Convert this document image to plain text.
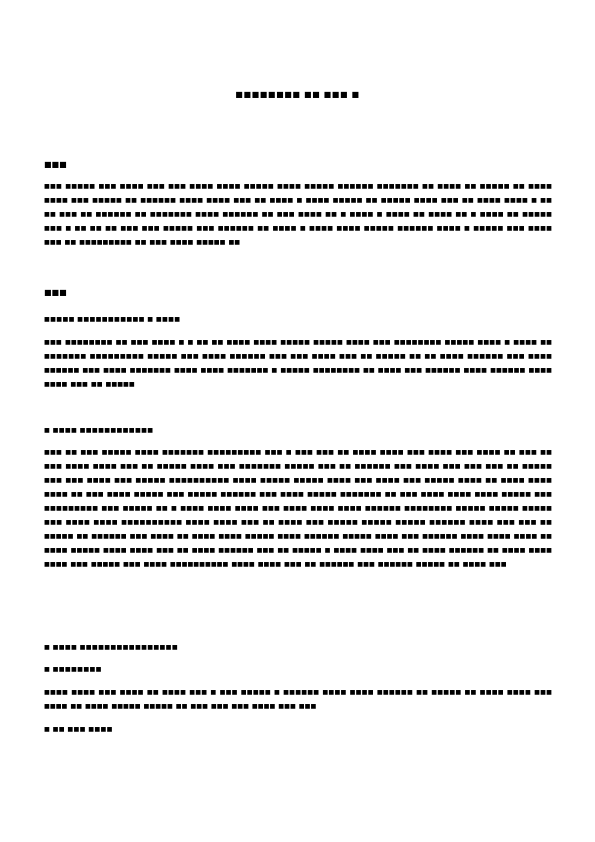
■■■■■■■■ ■■ ■■■ ■
■■■
■■■ ■■■■■ ■■■ ■■■■ ■■■ ■■■ ■■■■ ■■■■ ■■■■■ ■■■■ ■■■■■ ■■■■■■ ■■■■■■■ ■■ ■■■■ ■■ ■■■■■ ■■ ■■■■ ■■■■ ■■■ ■■■■■ ■■ ■■■■■■ ■■■■ ■■■■ ■■■ ■■ ■■■■ ■ ■■■■ ■■■■■ ■■ ■■■■■ ■■■■ ■■■ ■■ ■■■■ ■■■■ ■ ■■ ■■ ■■■ ■■ ■■■■■■ ■■ ■■■■■■■ ■■■■ ■■■■■■ ■■ ■■■ ■■■■ ■■ ■ ■■■■ ■ ■■■■ ■■ ■■■■ ■■ ■ ■■■■ ■■ ■■■■■ ■■■ ■ ■■ ■■ ■■ ■■■ ■■■ ■■■■■ ■■■ ■■■■■■ ■■ ■■■■ ■ ■■■■ ■■■■ ■■■■■ ■■■■■■ ■■■■ ■ ■■■■■ ■■■ ■■■■ ■■■ ■■ ■■■■■■■■■ ■■ ■■■ ■■■■ ■■■■■ ■■
■■■
■■■■■ ■■■■■■■■■■■ ■ ■■■■
■■■ ■■■■■■■■ ■■ ■■■ ■■■■ ■ ■ ■■ ■■ ■■■■ ■■■■ ■■■■■ ■■■■■ ■■■■ ■■■ ■■■■■■■■ ■■■■■ ■■■■ ■ ■■■■ ■■ ■■■■■■■ ■■■■■■■■■ ■■■■■ ■■■ ■■■■ ■■■■■■ ■■■ ■■■ ■■■■ ■■■ ■■ ■■■■■ ■■ ■■ ■■■■ ■■■■■■ ■■■ ■■■■ ■■■■■■ ■■■ ■■■■ ■■■■■■■ ■■■■ ■■■■ ■■■■■■■ ■ ■■■■■ ■■■■■■■■ ■■ ■■■■ ■■■ ■■■■■■ ■■■■ ■■■■■■ ■■■■ ■■■■ ■■■ ■■ ■■■■■
■ ■■■■ ■■■■■■■■■■■■
■■■ ■■ ■■■ ■■■■■ ■■■■ ■■■■■■■ ■■■■■■■■■ ■■■ ■ ■■■ ■■■ ■■ ■■■■ ■■■■ ■■■ ■■■■ ■■■ ■■■■ ■■ ■■■ ■■ ■■■ ■■■■ ■■■■ ■■■ ■■ ■■■■■ ■■■■ ■■■ ■■■■■■■ ■■■■■ ■■■ ■■ ■■■■■■ ■■■ ■■■■ ■■■ ■■■ ■■■ ■■ ■■■■■ ■■■ ■■■ ■■■■ ■■■ ■■■■■ ■■■■■■■■■■ ■■■■ ■■■■■ ■■■■■ ■■■■ ■■■ ■■■■ ■■■ ■■■■■ ■■■■ ■■ ■■■■ ■■■■ ■■■■ ■■ ■■■ ■■■■ ■■■■■ ■■■ ■■■■■ ■■■■■■ ■■■ ■■■■ ■■■■■ ■■■■■■■ ■■ ■■■ ■■■■ ■■■■ ■■■■ ■■■■■ ■■■ ■■■■■■■■■ ■■■ ■■■■■ ■■ ■ ■■■■ ■■■■ ■■■■ ■■■ ■■■■ ■■■■ ■■■■ ■■■■■■ ■■■■■■■■ ■■■■■ ■■■■■ ■■■■■ ■■■ ■■■■ ■■■■ ■■■■■■■■■■ ■■■■ ■■■■ ■■■ ■■ ■■■■ ■■■ ■■■■■ ■■■■■ ■■■■■ ■■■■■■ ■■■■ ■■■ ■■■ ■■ ■■■■■ ■■ ■■■■■■ ■■■ ■■■■ ■■ ■■■■ ■■■■ ■■■■■ ■■■■ ■■■■■■ ■■■■■ ■■■■ ■■■ ■■■■■■ ■■■■ ■■■■ ■■■■ ■■ ■■■■ ■■■■■ ■■■■ ■■■■ ■■■ ■■ ■■■■ ■■■■■■ ■■■ ■■ ■■■■■ ■ ■■■■ ■■■■ ■■■ ■■ ■■■■ ■■■■■■ ■■ ■■■■ ■■■■ ■■■■ ■■■ ■■■■■ ■■■ ■■■■ ■■■■■■■■■■ ■■■■ ■■■■ ■■■ ■■ ■■■■■■ ■■■ ■■■■■■ ■■■■■ ■■ ■■■■ ■■■
■ ■■■■ ■■■■■■■■■■■■■■■■
■ ■■■■■■■■
■■■■ ■■■■ ■■■ ■■■■ ■■ ■■■■ ■■■ ■ ■■■ ■■■■■ ■ ■■■■■■ ■■■■ ■■■■ ■■■■■■ ■■ ■■■■■ ■■ ■■■■ ■■■■ ■■■ ■■■■ ■■ ■■■■ ■■■■■ ■■■■■ ■■ ■■■ ■■■ ■■■ ■■■■ ■■■ ■■■
■ ■■ ■■■ ■■■■
